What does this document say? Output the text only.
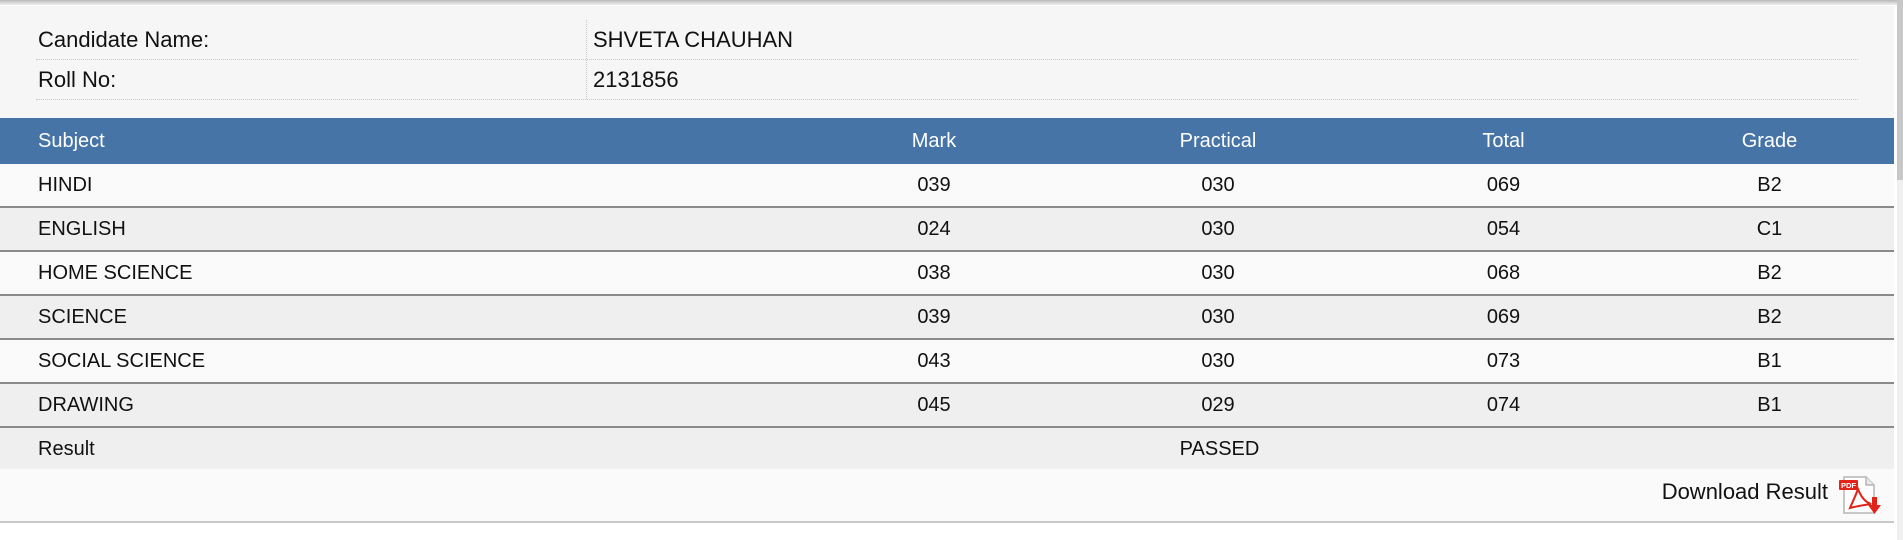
Candidate Name:	SHVETA CHAUHAN
Roll No:	2131856
Subject	Mark	Practical	Total	Grade
HINDI	039	030	069	B2
ENGLISH	024	030	054	C1
HOME SCIENCE	038	030	068	B2
SCIENCE	039	030	069	B2
SOCIAL SCIENCE	043	030	073	B1
DRAWING	045	029	074	B1
Result	PASSED			
Download Result PDF
